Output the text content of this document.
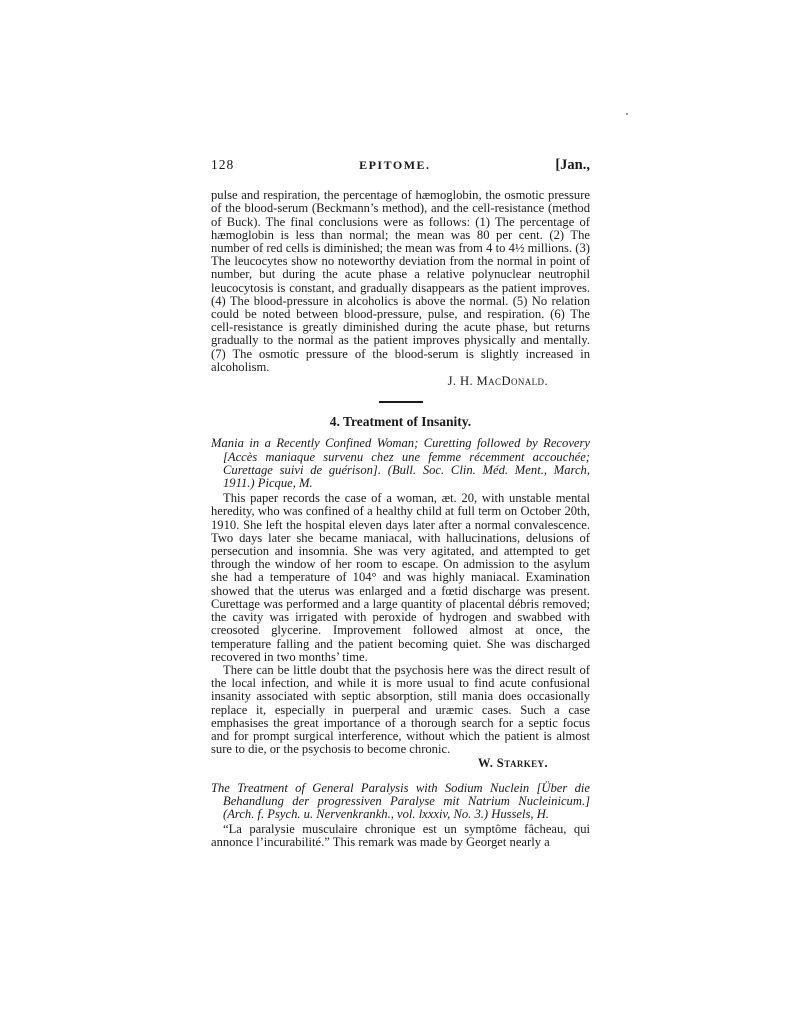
128	EPITOME.	[Jan.,

pulse and respiration, the percentage of hæmoglobin, the osmotic pressure of the blood-serum (Beckmann’s method), and the cell-resistance (method of Buck). The final conclusions were as follows: (1) The percentage of hæmoglobin is less than normal; the mean was 80 per cent. (2) The number of red cells is diminished; the mean was from 4 to 4½ millions. (3) The leucocytes show no noteworthy deviation from the normal in point of number, but during the acute phase a relative polynuclear neutrophil leucocytosis is constant, and gradually disappears as the patient improves. (4) The blood-pressure in alcoholics is above the normal. (5) No relation could be noted between blood-pressure, pulse, and respiration. (6) The cell-resistance is greatly diminished during the acute phase, but returns gradually to the normal as the patient improves physically and mentally. (7) The osmotic pressure of the blood-serum is slightly increased in alcoholism.

J. H. MacDonald.
4. Treatment of Insanity.

Mania in a Recently Confined Woman; Curetting followed by Recovery [Accès maniaque survenu chez une femme récemment accouchée; Curettage suivi de guérison]. (Bull. Soc. Clin. Méd. Ment., March, 1911.) Picque, M.

This paper records the case of a woman, æt. 20, with unstable mental heredity, who was confined of a healthy child at full term on October 20th, 1910. She left the hospital eleven days later after a normal convalescence. Two days later she became maniacal, with hallucinations, delusions of persecution and insomnia. She was very agitated, and attempted to get through the window of her room to escape. On admission to the asylum she had a temperature of 104° and was highly maniacal. Examination showed that the uterus was enlarged and a fœtid discharge was present. Curettage was performed and a large quantity of placental débris removed; the cavity was irrigated with peroxide of hydrogen and swabbed with creosoted glycerine. Improvement followed almost at once, the temperature falling and the patient becoming quiet. She was discharged recovered in two months’ time.

There can be little doubt that the psychosis here was the direct result of the local infection, and while it is more usual to find acute confusional insanity associated with septic absorption, still mania does occasionally replace it, especially in puerperal and uræmic cases. Such a case emphasises the great importance of a thorough search for a septic focus and for prompt surgical interference, without which the patient is almost sure to die, or the psychosis to become chronic.

W. Starkey.

The Treatment of General Paralysis with Sodium Nuclein [Über die Behandlung der progressiven Paralyse mit Natrium Nucleinicum.] (Arch. f. Psych. u. Nervenkrankh., vol. lxxxiv, No. 3.) Hussels, H.

“La paralysie musculaire chronique est un symptôme fâcheau, qui annonce l’incurabilité.” This remark was made by Georget nearly a
